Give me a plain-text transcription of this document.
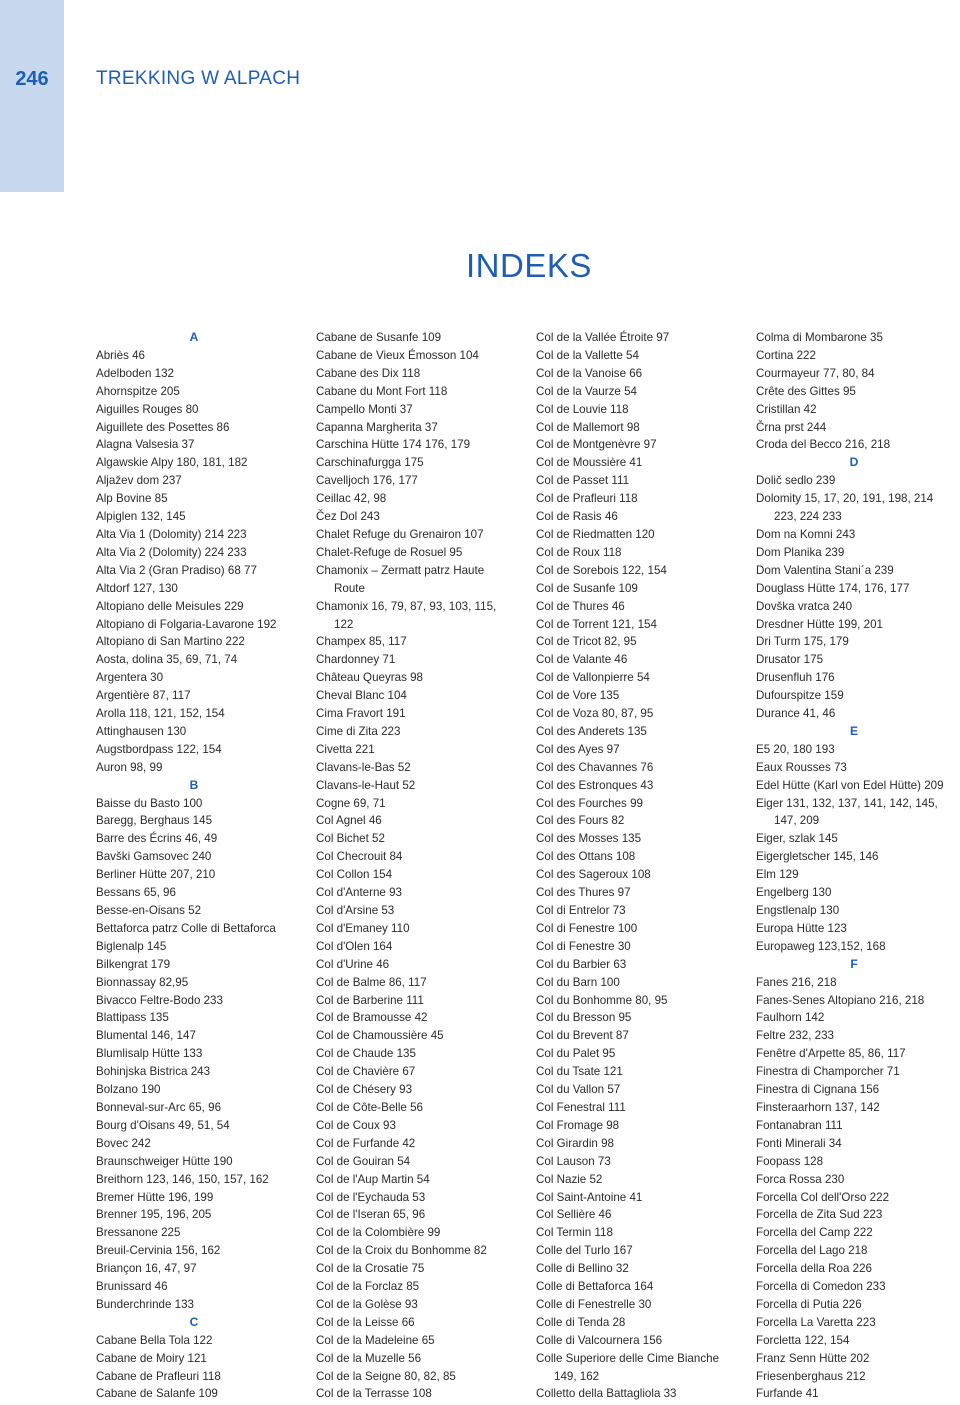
246	TREKKING W ALPACH
INDEKS
A
Abriès 46
Adelboden 132
Ahornspitze 205
Aiguilles Rouges 80
Aiguillete des Posettes 86
Alagna Valsesia 37
Algawskie Alpy 180, 181, 182
Aljažev dom 237
Alp Bovine 85
Alpiglen 132, 145
Alta Via 1 (Dolomity) 214 223
Alta Via 2 (Dolomity) 224 233
Alta Via 2 (Gran Pradiso) 68 77
Altdorf 127, 130
Altopiano delle Meisules 229
Altopiano di Folgaria-Lavarone 192
Altopiano di San Martino 222
Aosta, dolina 35, 69, 71, 74
Argentera 30
Argentière 87, 117
Arolla 118, 121, 152, 154
Attinghausen 130
Augstbordpass 122, 154
Auron 98, 99
B
Baisse du Basto 100
Baregg, Berghaus 145
Barre des Écrins 46, 49
Bavški Gamsovec 240
Berliner Hütte 207, 210
Bessans 65, 96
Besse-en-Oisans 52
Bettaforca patrz Colle di Bettaforca
Biglenalp 145
Bilkengrat 179
Bionnassay 82,95
Bivacco Feltre-Bodo 233
Blattipass 135
Blumental 146, 147
Blumlisalp Hütte 133
Bohinjska Bistrica 243
Bolzano 190
Bonneval-sur-Arc 65, 96
Bourg d'Oisans 49, 51, 54
Bovec 242
Braunschweiger Hütte 190
Breithorn 123, 146, 150, 157, 162
Bremer Hütte 196, 199
Brenner 195, 196, 205
Bressanone 225
Breuil-Cervinia 156, 162
Briançon 16, 47, 97
Brunissard 46
Bunderchrinde 133
C
Cabane Bella Tola 122
Cabane de Moiry 121
Cabane de Prafleuri 118
Cabane de Salanfe 109
Cabane de Susanfe 109
Cabane de Vieux Émosson 104
Cabane des Dix 118
Cabane du Mont Fort 118
Campello Monti 37
Capanna Margherita 37
Carschina Hütte 174 176, 179
Carschinafurgga 175
Cavelljoch 176, 177
Ceillac 42, 98
Čez Dol 243
Chalet Refuge du Grenairon 107
Chalet-Refuge de Rosuel 95
Chamonix – Zermatt patrz Haute Route
Chamonix 16, 79, 87, 93, 103, 115, 122
Champex 85, 117
Chardonney 71
Château Queyras 98
Cheval Blanc 104
Cima Fravort 191
Cime di Zita 223
Civetta 221
Clavans-le-Bas 52
Clavans-le-Haut 52
Cogne 69, 71
Col Agnel 46
Col Bichet 52
Col Checrouit 84
Col Collon 154
Col d'Anterne 93
Col d'Arsine 53
Col d'Emaney 110
Col d'Olen 164
Col d'Urine 46
Col de Balme 86, 117
Col de Barberine 111
Col de Bramousse 42
Col de Chamoussière 45
Col de Chaude 135
Col de Chavière 67
Col de Chésery 93
Col de Côte-Belle 56
Col de Coux 93
Col de Furfande 42
Col de Gouiran 54
Col de l'Aup Martin 54
Col de l'Eychauda 53
Col de l'Iseran 65, 96
Col de la Colombière 99
Col de la Croix du Bonhomme 82
Col de la Crosatie 75
Col de la Forclaz 85
Col de la Golèse 93
Col de la Leisse 66
Col de la Madeleine 65
Col de la Muzelle 56
Col de la Seigne 80, 82, 85
Col de la Terrasse 108
Col de la Vallée Étroite 97
Col de la Vallette 54
Col de la Vanoise 66
Col de la Vaurze 54
Col de Louvie 118
Col de Mallemort 98
Col de Montgenèvre 97
Col de Moussière 41
Col de Passet 111
Col de Prafleuri 118
Col de Rasis 46
Col de Riedmatten 120
Col de Roux 118
Col de Sorebois 122, 154
Col de Susanfe 109
Col de Thures 46
Col de Torrent 121, 154
Col de Tricot 82, 95
Col de Valante 46
Col de Vallonpierre 54
Col de Vore 135
Col de Voza 80, 87, 95
Col des Anderets 135
Col des Ayes 97
Col des Chavannes 76
Col des Estronques 43
Col des Fourches 99
Col des Fours 82
Col des Mosses 135
Col des Ottans 108
Col des Sageroux 108
Col des Thures 97
Col di Entrelor 73
Col di Fenestre 100
Col di Fenestre 30
Col du Barbier 63
Col du Barn 100
Col du Bonhomme 80, 95
Col du Bresson 95
Col du Brevent 87
Col du Palet 95
Col du Tsate 121
Col du Vallon 57
Col Fenestral 111
Col Fromage 98
Col Girardin 98
Col Lauson 73
Col Nazie 52
Col Saint-Antoine 41
Col Sellière 46
Col Termin 118
Colle del Turlo 167
Colle di Bellino 32
Colle di Bettaforca 164
Colle di Fenestrelle 30
Colle di Tenda 28
Colle di Valcournera 156
Colle Superiore delle Cime Bianche 149, 162
Colletto della Battagliola 33
Colma di Mombarone 35
Cortina 222
Courmayeur 77, 80, 84
Crête des Gittes 95
Cristillan 42
Črna prst 244
Croda del Becco 216, 218
D
Dolič sedlo 239
Dolomity 15, 17, 20, 191, 198, 214 223, 224 233
Dom na Komni 243
Dom Planika 239
Dom Valentina Stani´a 239
Douglass Hütte 174, 176, 177
Dovška vratca 240
Dresdner Hütte 199, 201
Dri Turm 175, 179
Drusator 175
Drusenfluh 176
Dufourspitze 159
Durance 41, 46
E
E5 20, 180 193
Eaux Rousses 73
Edel Hütte (Karl von Edel Hütte) 209
Eiger 131, 132, 137, 141, 142, 145, 147, 209
Eiger, szlak 145
Eigergletscher 145, 146
Elm 129
Engelberg 130
Engstlenalp 130
Europa Hütte 123
Europaweg 123,152, 168
F
Fanes 216, 218
Fanes-Senes Altopiano 216, 218
Faulhorn 142
Feltre 232, 233
Fenêtre d'Arpette 85, 86, 117
Finestra di Champorcher 71
Finestra di Cignana 156
Finsteraarhorn 137, 142
Fontanabran 111
Fonti Minerali 34
Foopass 128
Forca Rossa 230
Forcella Col dell'Orso 222
Forcella de Zita Sud 223
Forcella del Camp 222
Forcella del Lago 218
Forcella della Roa 226
Forcella di Comedon 233
Forcella di Putia 226
Forcella La Varetta 223
Forcletta 122, 154
Franz Senn Hütte 202
Friesenberghaus 212
Furfande 41
